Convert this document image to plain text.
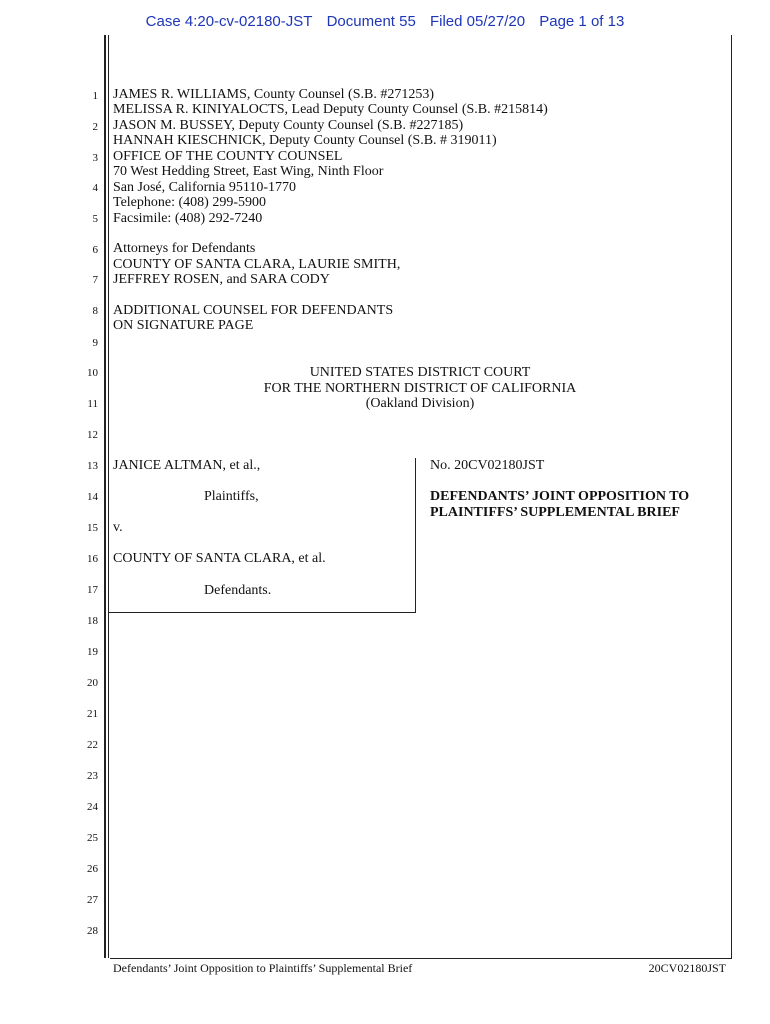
Case 4:20-cv-02180-JST Document 55 Filed 05/27/20 Page 1 of 13
1
2
3
4
5
6
7
8
9
10
11
12
13
14
15
16
17
18
19
20
21
22
23
24
25
26
27
28
JAMES R. WILLIAMS, County Counsel (S.B. #271253)
MELISSA R. KINIYALOCTS, Lead Deputy County Counsel (S.B. #215814)
JASON M. BUSSEY, Deputy County Counsel (S.B. #227185)
HANNAH KIESCHNICK, Deputy County Counsel (S.B. # 319011)
OFFICE OF THE COUNTY COUNSEL
70 West Hedding Street, East Wing, Ninth Floor
San José, California 95110-1770
Telephone: (408) 299-5900
Facsimile: (408) 292-7240
Attorneys for Defendants
COUNTY OF SANTA CLARA, LAURIE SMITH,
JEFFREY ROSEN, and SARA CODY
ADDITIONAL COUNSEL FOR DEFENDANTS
ON SIGNATURE PAGE
UNITED STATES DISTRICT COURT
FOR THE NORTHERN DISTRICT OF CALIFORNIA
(Oakland Division)
JANICE ALTMAN, et al.,
Plaintiffs,
v.
COUNTY OF SANTA CLARA, et al.
Defendants.
No. 20CV02180JST
DEFENDANTS’ JOINT OPPOSITION TO
PLAINTIFFS’ SUPPLEMENTAL BRIEF
Defendants’ Joint Opposition to Plaintiffs’ Supplemental Brief	20CV02180JST
